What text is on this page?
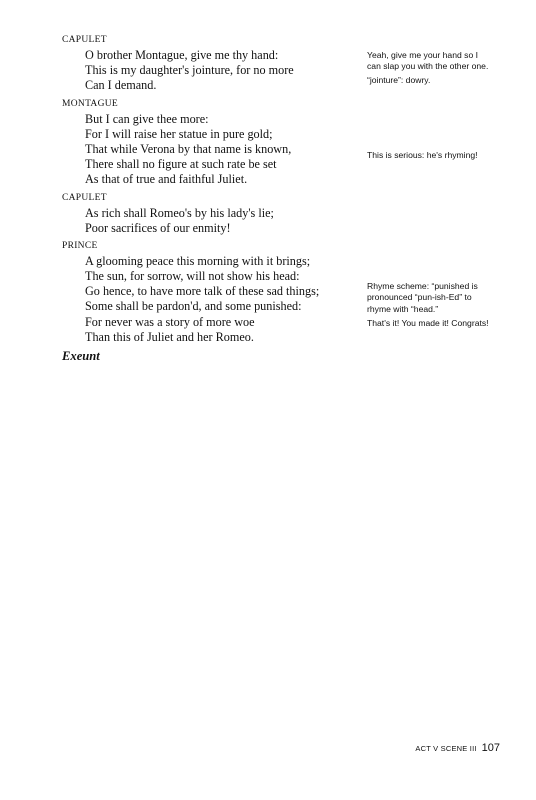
CAPULET
O brother Montague, give me thy hand:
This is my daughter's jointure, for no more
Can I demand.
MONTAGUE
But I can give thee more:
For I will raise her statue in pure gold;
That while Verona by that name is known,
There shall no figure at such rate be set
As that of true and faithful Juliet.
CAPULET
As rich shall Romeo's by his lady's lie;
Poor sacrifices of our enmity!
PRINCE
A glooming peace this morning with it brings;
The sun, for sorrow, will not show his head:
Go hence, to have more talk of these sad things;
Some shall be pardon'd, and some punished:
For never was a story of more woe
Than this of Juliet and her Romeo.
Exeunt
Yeah, give me your hand so I
can slap you with the other one.
“jointure”: dowry.
This is serious: he's rhyming!
Rhyme scheme: “punished is
pronounced “pun-ish-Ed” to
rhyme with “head.”
That's it! You made it! Congrats!
ACT V SCENE III 107
